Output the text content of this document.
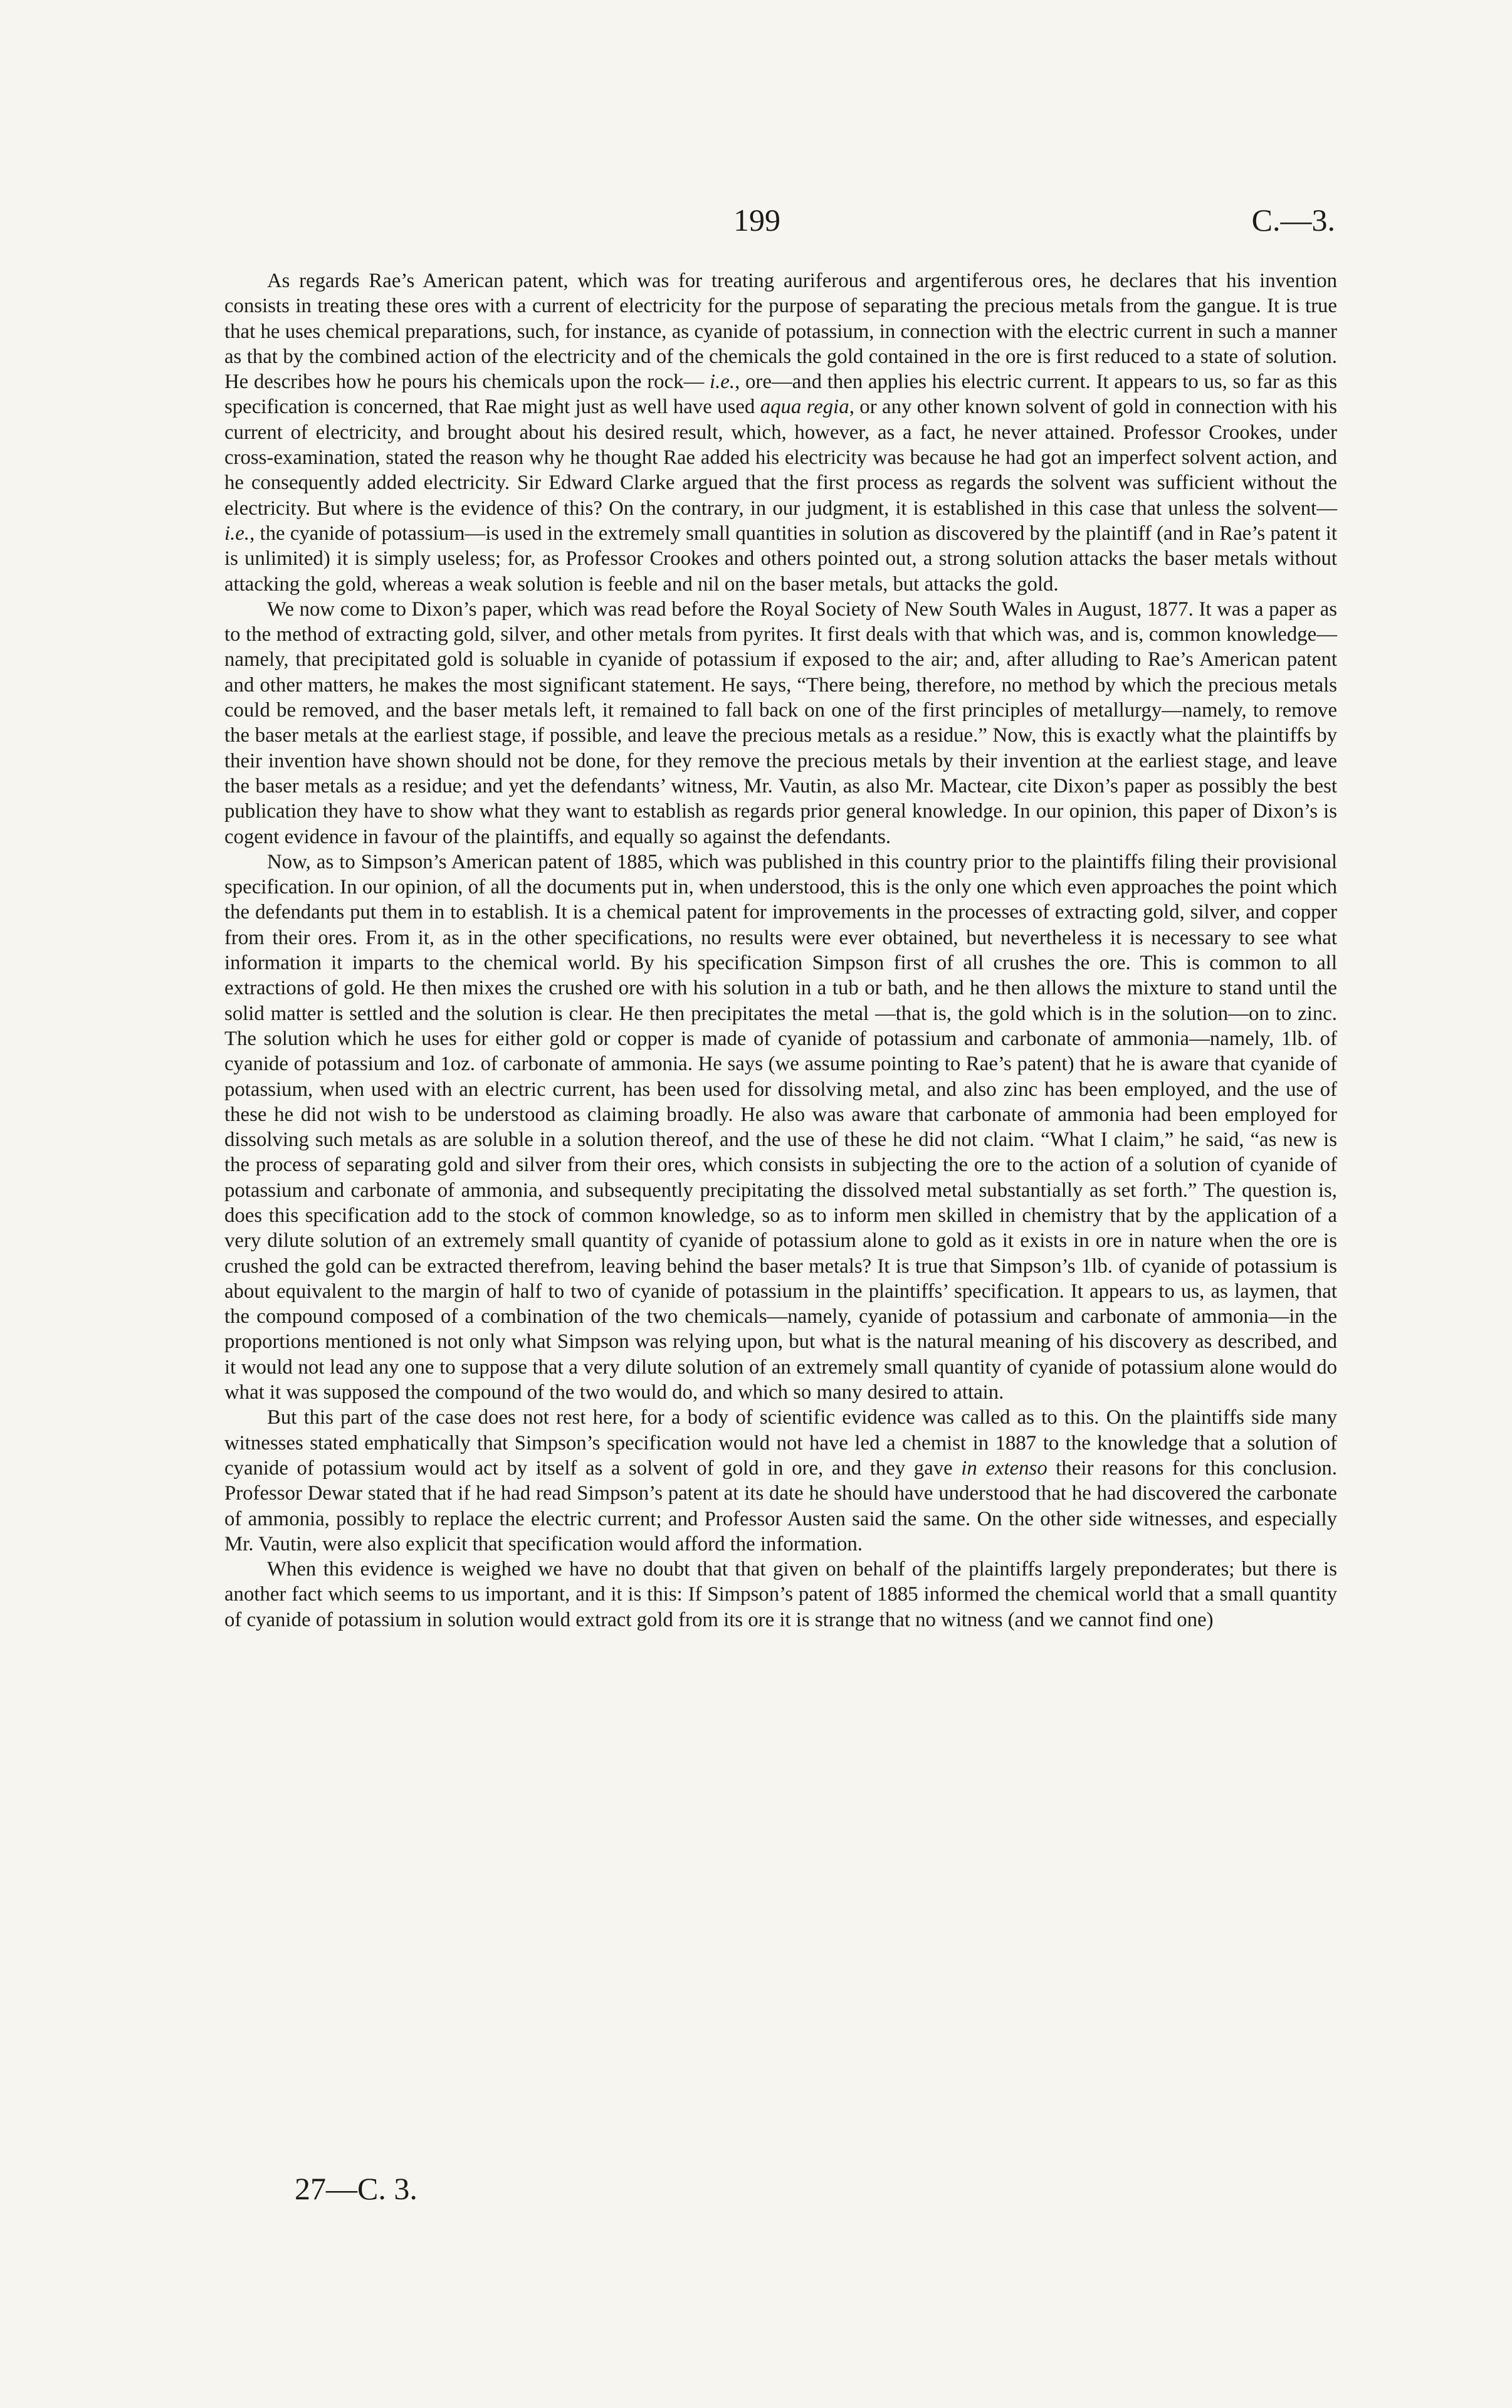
199	C.—3.

As regards Rae’s American patent, which was for treating auriferous and argentiferous ores, he declares that his invention consists in treating these ores with a current of electricity for the purpose of separating the precious metals from the gangue. It is true that he uses chemical preparations, such, for instance, as cyanide of potassium, in connection with the electric current in such a manner as that by the combined action of the electricity and of the chemicals the gold contained in the ore is first reduced to a state of solution. He describes how he pours his chemicals upon the rock— i.e., ore—and then applies his electric current. It appears to us, so far as this specification is concerned, that Rae might just as well have used aqua regia, or any other known solvent of gold in connection with his current of electricity, and brought about his desired result, which, however, as a fact, he never attained. Professor Crookes, under cross-examination, stated the reason why he thought Rae added his electricity was because he had got an imperfect solvent action, and he consequently added electricity. Sir Edward Clarke argued that the first process as regards the solvent was sufficient without the electricity. But where is the evidence of this? On the contrary, in our judgment, it is established in this case that unless the solvent—i.e., the cyanide of potassium—is used in the extremely small quantities in solution as discovered by the plaintiff (and in Rae’s patent it is unlimited) it is simply useless; for, as Professor Crookes and others pointed out, a strong solution attacks the baser metals without attacking the gold, whereas a weak solution is feeble and nil on the baser metals, but attacks the gold.

We now come to Dixon’s paper, which was read before the Royal Society of New South Wales in August, 1877. It was a paper as to the method of extracting gold, silver, and other metals from pyrites. It first deals with that which was, and is, common knowledge—namely, that precipitated gold is soluable in cyanide of potassium if exposed to the air; and, after alluding to Rae’s American patent and other matters, he makes the most significant statement. He says, “There being, therefore, no method by which the precious metals could be removed, and the baser metals left, it remained to fall back on one of the first principles of metallurgy—namely, to remove the baser metals at the earliest stage, if possible, and leave the precious metals as a residue.” Now, this is exactly what the plaintiffs by their invention have shown should not be done, for they remove the precious metals by their invention at the earliest stage, and leave the baser metals as a residue; and yet the defendants’ witness, Mr. Vautin, as also Mr. Mactear, cite Dixon’s paper as possibly the best publication they have to show what they want to establish as regards prior general knowledge. In our opinion, this paper of Dixon’s is cogent evidence in favour of the plaintiffs, and equally so against the defendants.

Now, as to Simpson’s American patent of 1885, which was published in this country prior to the plaintiffs filing their provisional specification. In our opinion, of all the documents put in, when understood, this is the only one which even approaches the point which the defendants put them in to establish. It is a chemical patent for improvements in the processes of extracting gold, silver, and copper from their ores. From it, as in the other specifications, no results were ever obtained, but nevertheless it is necessary to see what information it imparts to the chemical world. By his specification Simpson first of all crushes the ore. This is common to all extractions of gold. He then mixes the crushed ore with his solution in a tub or bath, and he then allows the mixture to stand until the solid matter is settled and the solution is clear. He then precipitates the metal —that is, the gold which is in the solution—on to zinc. The solution which he uses for either gold or copper is made of cyanide of potassium and carbonate of ammonia—namely, 1lb. of cyanide of potassium and 1oz. of carbonate of ammonia. He says (we assume pointing to Rae’s patent) that he is aware that cyanide of potassium, when used with an electric current, has been used for dissolving metal, and also zinc has been employed, and the use of these he did not wish to be understood as claiming broadly. He also was aware that carbonate of ammonia had been employed for dissolving such metals as are soluble in a solution thereof, and the use of these he did not claim. “What I claim,” he said, “as new is the process of separating gold and silver from their ores, which consists in subjecting the ore to the action of a solution of cyanide of potassium and carbonate of ammonia, and subsequently precipitating the dissolved metal substantially as set forth.” The question is, does this specification add to the stock of common knowledge, so as to inform men skilled in chemistry that by the application of a very dilute solution of an extremely small quantity of cyanide of potassium alone to gold as it exists in ore in nature when the ore is crushed the gold can be extracted therefrom, leaving behind the baser metals? It is true that Simpson’s 1lb. of cyanide of potassium is about equivalent to the margin of half to two of cyanide of potassium in the plaintiffs’ specification. It appears to us, as laymen, that the compound composed of a combination of the two chemicals—namely, cyanide of potassium and carbonate of ammonia—in the proportions mentioned is not only what Simpson was relying upon, but what is the natural meaning of his discovery as described, and it would not lead any one to suppose that a very dilute solution of an extremely small quantity of cyanide of potassium alone would do what it was supposed the compound of the two would do, and which so many desired to attain.

But this part of the case does not rest here, for a body of scientific evidence was called as to this. On the plaintiffs side many witnesses stated emphatically that Simpson’s specification would not have led a chemist in 1887 to the knowledge that a solution of cyanide of potassium would act by itself as a solvent of gold in ore, and they gave in extenso their reasons for this conclusion. Professor Dewar stated that if he had read Simpson’s patent at its date he should have understood that he had discovered the carbonate of ammonia, possibly to replace the electric current; and Professor Austen said the same. On the other side witnesses, and especially Mr. Vautin, were also explicit that specification would afford the information.

When this evidence is weighed we have no doubt that that given on behalf of the plaintiffs largely preponderates; but there is another fact which seems to us important, and it is this: If Simpson’s patent of 1885 informed the chemical world that a small quantity of cyanide of potassium in solution would extract gold from its ore it is strange that no witness (and we cannot find one)

27—C. 3.
